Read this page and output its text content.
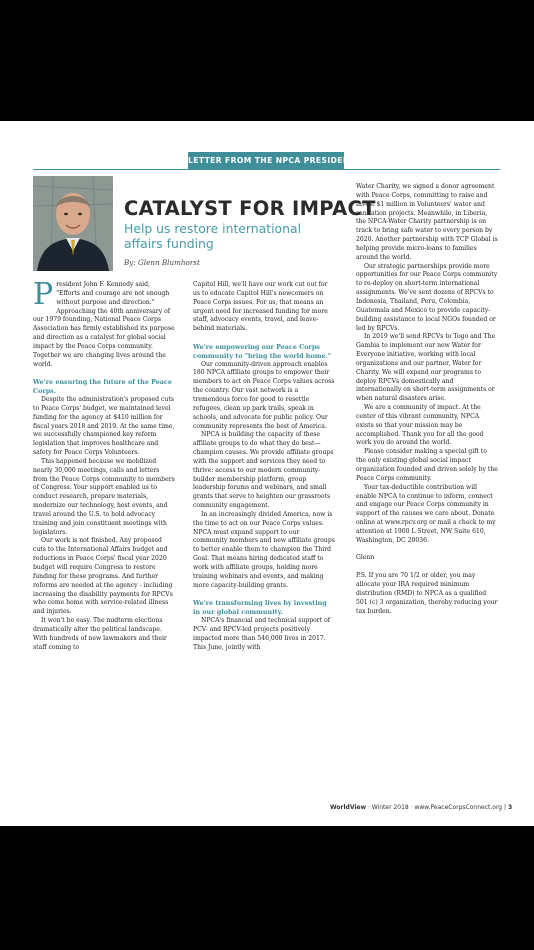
LETTER FROM THE NPCA PRESIDENT
CATALYST FOR IMPACT
Help us restore international affairs funding
By: Glenn Blumhorst

President John F. Kennedy said, "Efforts and courage are not enough without purpose and direction." Approaching the 40th anniversary of our 1979 founding, National Peace Corps Association has firmly established its purpose and direction as a catalyst for global social impact by the Peace Corps community. Together we are changing lives around the world.

We're ensuring the future of the Peace Corps.

Despite the administration's proposed cuts to Peace Corps' budget, we maintained level funding for the agency at $410 million for fiscal years 2018 and 2019. At the same time, we successfully championed key reform legislation that improves healthcare and safety for Peace Corps Volunteers.

This happened because we mobilized nearly 30,000 meetings, calls and letters from the Peace Corps community to members of Congress. Your support enabled us to conduct research, prepare materials, modernize our technology, host events, and travel around the U.S. to hold advocacy training and join constituent meetings with legislators.

Our work is not finished. Any proposed cuts to the International Affairs budget and reductions in Peace Corps' fiscal year 2020 budget will require Congress to restore funding for these programs. And further reforms are needed at the agency - including increasing the disability payments for RPCVs who come home with service-related illness and injuries.

It won't be easy. The midterm elections dramatically alter the political landscape. With hundreds of new lawmakers and their staff coming to

Capitol Hill, we'll have our work cut out for us to educate Capitol Hill's newcomers on Peace Corps issues. For us, that means an urgent need for increased funding for more staff, advocacy events, travel, and leave-behind materials.

We're empowering our Peace Corps community to "bring the world home."

Our community-driven approach enables 180 NPCA affiliate groups to empower their members to act on Peace Corps values across the country. Our vast network is a tremendous force for good to resettle refugees, clean up park trails, speak in schools, and advocate for public policy. Our community represents the best of America.

NPCA is building the capacity of these affiliate groups to do what they do best—champion causes. We provide affiliate groups with the support and services they need to thrive: access to our modern community-builder membership platform, group leadership forums and webinars, and small grants that serve to heighten our grassroots community engagement.

In an increasingly divided America, now is the time to act on our Peace Corps values. NPCA must expand support to our community members and new affiliate groups to better enable them to champion the Third Goal. That means hiring dedicated staff to work with affiliate groups, holding more training webinars and events, and making more capacity-building grants.

We're transforming lives by investing in our global community.

NPCA's financial and technical support of PCV- and RPCV-led projects positively impacted more than 546,000 lives in 2017. This June, jointly with

Water Charity, we signed a donor agreement with Peace Corps, committing to raise and invest $1 million in Volunteers' water and sanitation projects. Meanwhile, in Liberia, the NPCA-Water Charity partnership is on track to bring safe water to every person by 2020. Another partnership with TCP Global is helping provide micro-loans to families around the world.

Our strategic partnerships provide more opportunities for our Peace Corps community to re-deploy on short-term international assignments. We've sent dozens of RPCVs to Indonesia, Thailand, Peru, Colombia, Guatemala and Mexico to provide capacity-building assistance to local NGOs founded or led by RPCVs.

In 2019 we'll send RPCVs to Togo and The Gambia to implement our new Water for Everyone initiative, working with local organizations and our partner, Water for Charity. We will expand our programs to deploy RPCVs domestically and internationally on short-term assignments or when natural disasters arise.

We are a community of impact. At the center of this vibrant community, NPCA exists so that your mission may be accomplished. Thank you for all the good work you do around the world.

Please consider making a special gift to the only existing global social impact organization founded and driven solely by the Peace Corps community.

Your tax-deductible contribution will enable NPCA to continue to inform, connect and engage our Peace Corps community in support of the causes we care about. Donate online at www.rpcv.org or mail a check to my attention at 1900 L Street, NW Suite 610, Washington, DC 20036.

Glenn

P.S. If you are 70 1/2 or older, you may allocate your IRA required minimum distribution (RMD) to NPCA as a qualified 501 (c) 3 organization, thereby reducing your tax burden.

WorldView · Winter 2018 · www.PeaceCorpsConnect.org | 3
